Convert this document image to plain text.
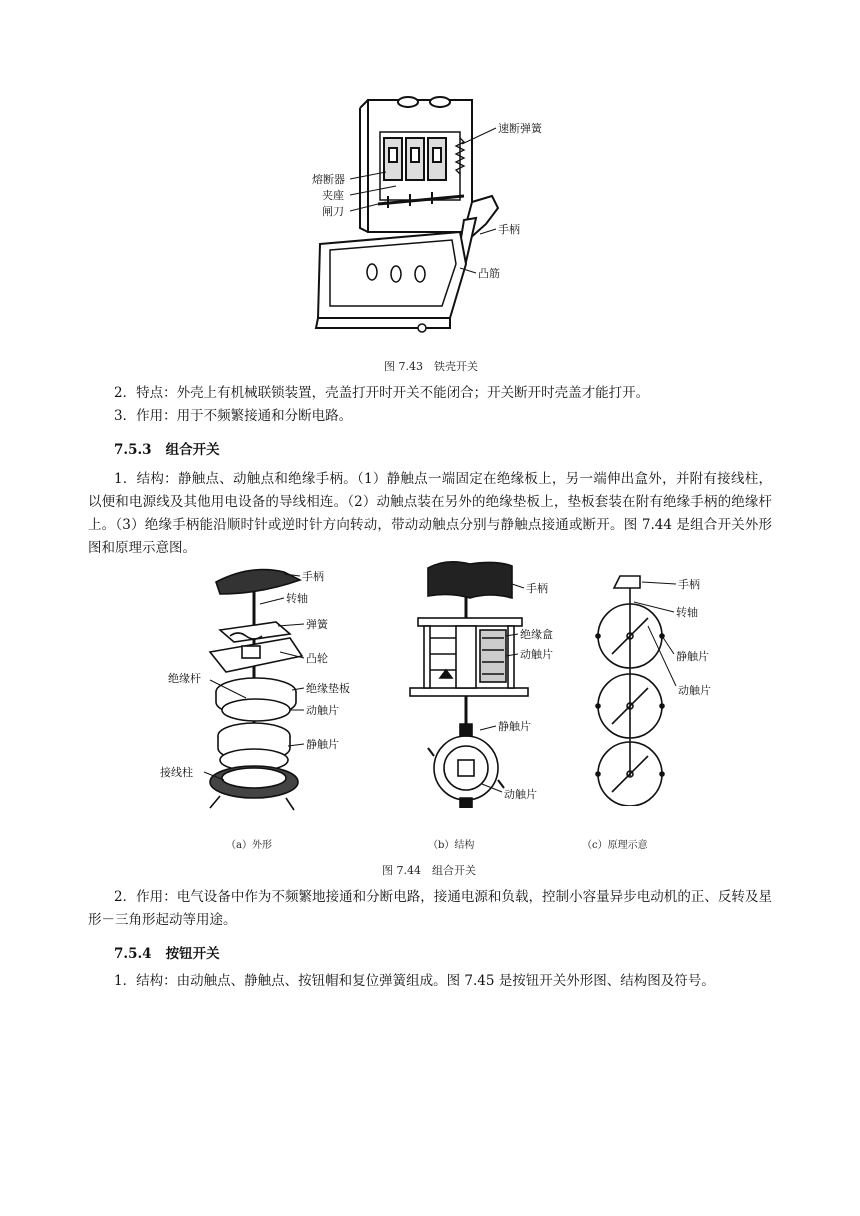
速断弹簧
熔断器
夹座
闸刀
手柄
凸筋
图 7.43　铁壳开关
2．特点：外壳上有机械联锁装置，壳盖打开时开关不能闭合；开关断开时壳盖才能打开。
3．作用：用于不频繁接通和分断电路。
7.5.3 组合开关
1．结构：静触点、动触点和绝缘手柄。（1）静触点一端固定在绝缘板上，另一端伸出盒外，并附有接线柱，以便和电源线及其他用电设备的导线相连。（2）动触点装在另外的绝缘垫板上，垫板套装在附有绝缘手柄的绝缘杆上。（3）绝缘手柄能沿顺时针或逆时针方向转动，带动动触点分别与静触点接通或断开。图 7.44 是组合开关外形图和原理示意图。
手柄
转轴
弹簧
凸轮
绝缘杆
绝缘垫板
动触片
静触片
接线柱
手柄
绝缘盒
动触片
静触片
动触片
手柄
转轴
静触片
动触片
（a）外形	（b）结构	（c）原理示意
图 7.44　组合开关
2．作用：电气设备中作为不频繁地接通和分断电路，接通电源和负载，控制小容量异步电动机的正、反转及星形－三角形起动等用途。
7.5.4 按钮开关
1．结构：由动触点、静触点、按钮帽和复位弹簧组成。图 7.45 是按钮开关外形图、结构图及符号。
